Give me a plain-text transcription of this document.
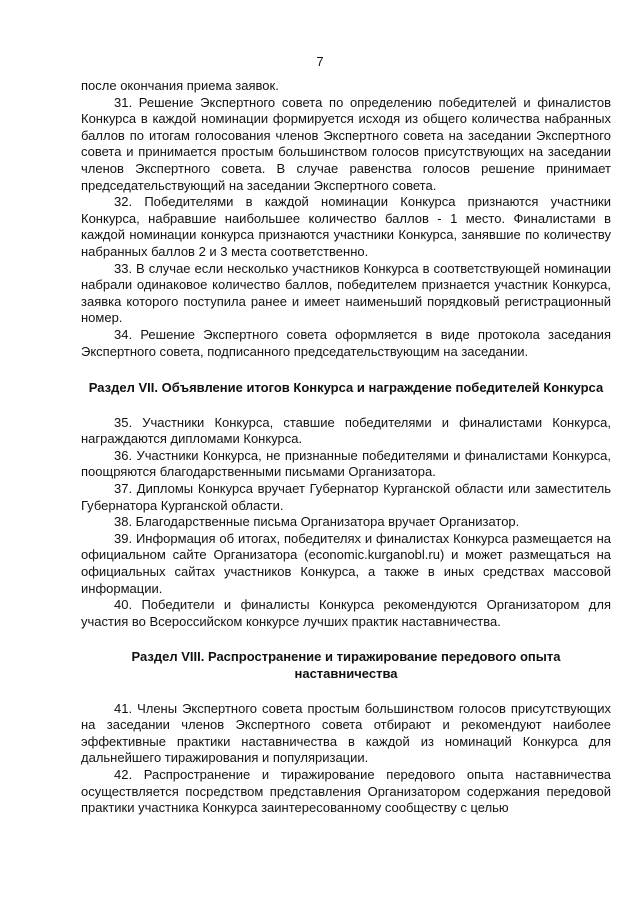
7

после окончания приема заявок.

31. Решение Экспертного совета по определению победителей и финалистов Конкурса в каждой номинации формируется исходя из общего количества набранных баллов по итогам голосования членов Экспертного совета на заседании Экспертного совета и принимается простым большинством голосов присутствующих на заседании членов Экспертного совета. В случае равенства голосов решение принимает председательствующий на заседании Экспертного совета.

32. Победителями в каждой номинации Конкурса признаются участники Конкурса, набравшие наибольшее количество баллов - 1 место. Финалистами в каждой номинации конкурса признаются участники Конкурса, занявшие по количеству набранных баллов 2 и 3 места соответственно.

33. В случае если несколько участников Конкурса в соответствующей номинации набрали одинаковое количество баллов, победителем признается участник Конкурса, заявка которого поступила ранее и имеет наименьший порядковый регистрационный номер.

34. Решение Экспертного совета оформляется в виде протокола заседания Экспертного совета, подписанного председательствующим на заседании.

Раздел VII. Объявление итогов Конкурса и награждение победителей Конкурса

35. Участники Конкурса, ставшие победителями и финалистами Конкурса, награждаются дипломами Конкурса.

36. Участники Конкурса, не признанные победителями и финалистами Конкурса, поощряются благодарственными письмами Организатора.

37. Дипломы Конкурса вручает Губернатор Курганской области или заместитель Губернатора Курганской области.

38. Благодарственные письма Организатора вручает Организатор.

39. Информация об итогах, победителях и финалистах Конкурса размещается на официальном сайте Организатора (economic.kurganobl.ru) и может размещаться на официальных сайтах участников Конкурса, а также в иных средствах массовой информации.

40. Победители и финалисты Конкурса рекомендуются Организатором для участия во Всероссийском конкурсе лучших практик наставничества.

Раздел VIII. Распространение и тиражирование передового опыта наставничества

41. Члены Экспертного совета простым большинством голосов присутствующих на заседании членов Экспертного совета отбирают и рекомендуют наиболее эффективные практики наставничества в каждой из номинаций Конкурса для дальнейшего тиражирования и популяризации.

42. Распространение и тиражирование передового опыта наставничества осуществляется посредством представления Организатором содержания передовой практики участника Конкурса заинтересованному сообществу с целью
